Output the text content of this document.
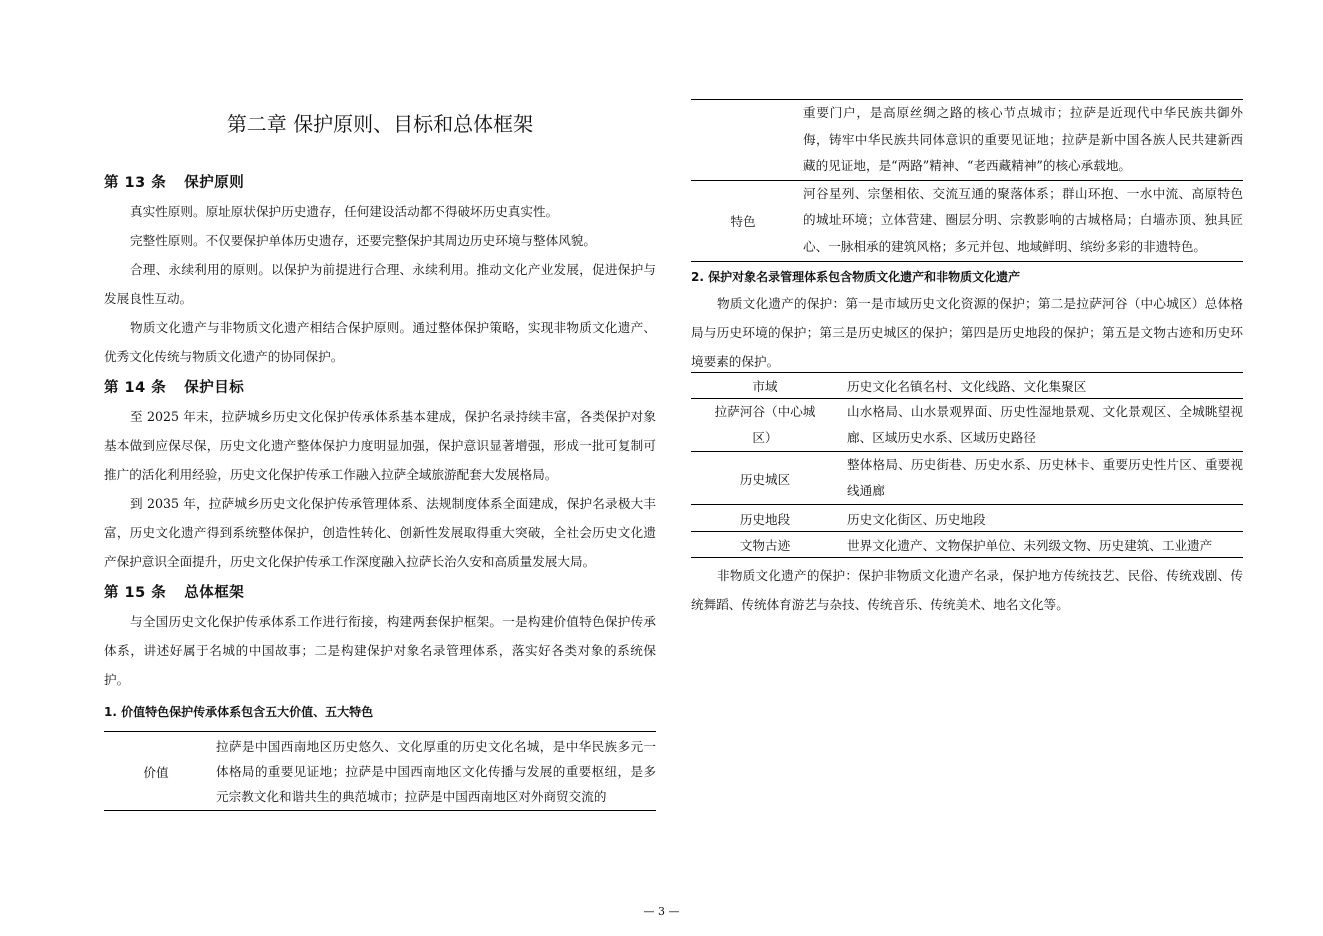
第二章 保护原则、目标和总体框架
第 13 条 保护原则

真实性原则。原址原状保护历史遗存，任何建设活动都不得破坏历史真实性。

完整性原则。不仅要保护单体历史遗存，还要完整保护其周边历史环境与整体风貌。

合理、永续利用的原则。以保护为前提进行合理、永续利用。推动文化产业发展，促进保护与发展良性互动。

物质文化遗产与非物质文化遗产相结合保护原则。通过整体保护策略，实现非物质文化遗产、优秀文化传统与物质文化遗产的协同保护。

第 14 条 保护目标

至 2025 年末，拉萨城乡历史文化保护传承体系基本建成，保护名录持续丰富，各类保护对象基本做到应保尽保，历史文化遗产整体保护力度明显加强，保护意识显著增强，形成一批可复制可推广的活化利用经验，历史文化保护传承工作融入拉萨全域旅游配套大发展格局。

到 2035 年，拉萨城乡历史文化保护传承管理体系、法规制度体系全面建成，保护名录极大丰富，历史文化遗产得到系统整体保护，创造性转化、创新性发展取得重大突破，全社会历史文化遗产保护意识全面提升，历史文化保护传承工作深度融入拉萨长治久安和高质量发展大局。

第 15 条 总体框架

与全国历史文化保护传承体系工作进行衔接，构建两套保护框架。一是构建价值特色保护传承体系，讲述好属于名城的中国故事；二是构建保护对象名录管理体系，落实好各类对象的系统保护。

1. 价值特色保护传承体系包含五大价值、五大特色
价值	拉萨是中国西南地区历史悠久、文化厚重的历史文化名城，是中华民族多元一体格局的重要见证地；拉萨是中国西南地区文化传播与发展的重要枢纽，是多元宗教文化和谐共生的典范城市；拉萨是中国西南地区对外商贸交流的
	重要门户，是高原丝绸之路的核心节点城市；拉萨是近现代中华民族共御外侮，铸牢中华民族共同体意识的重要见证地；拉萨是新中国各族人民共建新西藏的见证地，是“两路”精神、“老西藏精神”的核心承载地。
特色	河谷星列、宗堡相依、交流互通的聚落体系；群山环抱、一水中流、高原特色的城址环境；立体营建、圈层分明、宗教影响的古城格局；白墙赤顶、独具匠心、一脉相承的建筑风格；多元并包、地域鲜明、缤纷多彩的非遗特色。
2. 保护对象名录管理体系包含物质文化遗产和非物质文化遗产

物质文化遗产的保护：第一是市域历史文化资源的保护；第二是拉萨河谷（中心城区）总体格局与历史环境的保护；第三是历史城区的保护；第四是历史地段的保护；第五是文物古迹和历史环境要素的保护。

市域	历史文化名镇名村、文化线路、文化集聚区
拉萨河谷（中心城区）	山水格局、山水景观界面、历史性湿地景观、文化景观区、全城眺望视廊、区域历史水系、区域历史路径
历史城区	整体格局、历史街巷、历史水系、历史林卡、重要历史性片区、重要视线通廊
历史地段	历史文化街区、历史地段
文物古迹	世界文化遗产、文物保护单位、未列级文物、历史建筑、工业遗产

非物质文化遗产的保护：保护非物质文化遗产名录，保护地方传统技艺、民俗、传统戏剧、传统舞蹈、传统体育游艺与杂技、传统音乐、传统美术、地名文化等。

— 3 —
